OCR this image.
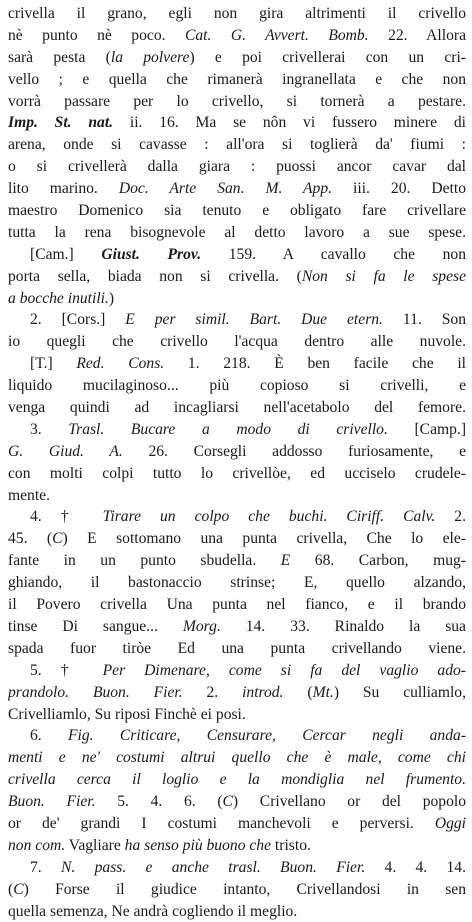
crivella il grano, egli non gira altrimenti il crivello
nè punto nè poco. Cat. G. Avvert. Bomb. 22. Allora
sarà pesta (la polvere) e poi crivellerai con un cri-
vello ; e quella che rimanerà ingranellata e che non
vorrà passare per lo crivello, si tornerà a pestare.
Imp. St. nat. ii. 16. Ma se nôn vi fussero minere di
arena, onde si cavasse : all'ora si toglierà da' fiumi :
o si crivellerà dalla giara : puossi ancor cavar dal
lito marino. Doc. Arte San. M. App. iii. 20. Detto
maestro Domenico sia tenuto e obligato fare crivellare
tutta la rena bisognevole al detto lavoro a sue spese.
[Cam.] Giust. Prov. 159. A cavallo che non
porta sella, biada non si crivella. (Non si fa le spese
a bocche inutili.)
2. [Cors.] E per simil. Bart. Due etern. 11. Son
io quegli che crivello l'acqua dentro alle nuvole.
[T.] Red. Cons. 1. 218. È ben facile che il
liquido mucilaginoso... più copioso si crivelli, e
venga quindi ad incagliarsi nell'acetabolo del femore.
3. Trasl. Bucare a modo di crivello. [Camp.]
G. Giud. A. 26. Corsegli addosso furiosamente, e
con molti colpi tutto lo crivellòe, ed ucciselo crudele-
mente.
4. † Tirare un colpo che buchi. Ciriff. Calv. 2.
45. (C) E sottomano una punta crivella, Che lo ele-
fante in un punto sbudella. E 68. Carbon, mug-
ghiando, il bastonaccio strinse; E, quello alzando,
il Povero crivella Una punta nel fianco, e il brando
tinse Di sangue... Morg. 14. 33. Rinaldo la sua
spada fuor tiròe Ed una punta crivellando viene.
5. † Per Dimenare, come si fa del vaglio ado-
prandolo. Buon. Fier. 2. introd. (Mt.) Su culliamlo,
Crivelliamlo, Su riposi Finchè ei posi.
6. Fig. Criticare, Censurare, Cercar negli anda-
menti e ne' costumi altrui quello che è male, come chi
crivella cerca il loglio e la mondiglia nel frumento.
Buon. Fier. 5. 4. 6. (C) Crivellano or del popolo
or de' grandi I costumi manchevoli e perversi. Oggi
non com. Vagliare ha senso più buono che tristo.
7. N. pass. e anche trasl. Buon. Fier. 4. 4. 14.
(C) Forse il giudice intanto, Crivellandosi in sen
quella semenza, Ne andrà cogliendo il meglio.
